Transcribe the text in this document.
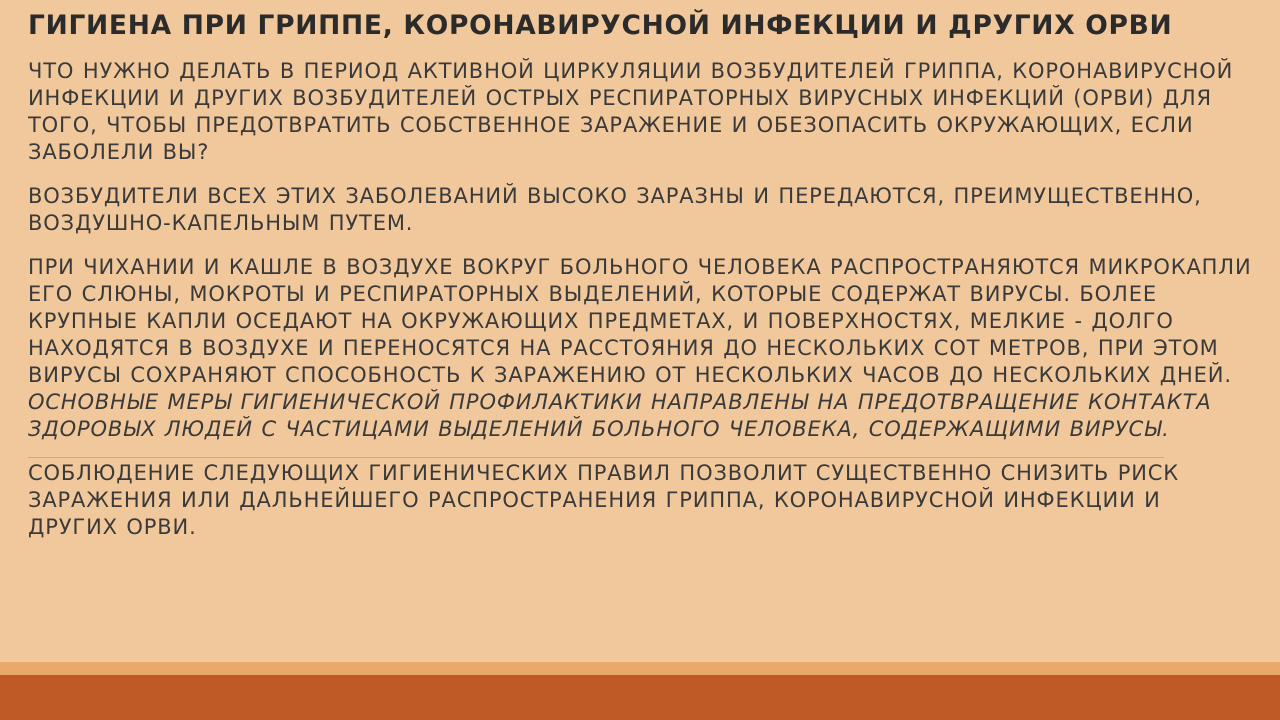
ГИГИЕНА ПРИ ГРИППЕ, КОРОНАВИРУСНОЙ ИНФЕКЦИИ И ДРУГИХ ОРВИ

ЧТО НУЖНО ДЕЛАТЬ В ПЕРИОД АКТИВНОЙ ЦИРКУЛЯЦИИ ВОЗБУДИТЕЛЕЙ ГРИППА, КОРОНАВИРУСНОЙ ИНФЕКЦИИ И ДРУГИХ ВОЗБУДИТЕЛЕЙ ОСТРЫХ РЕСПИРАТОРНЫХ ВИРУСНЫХ ИНФЕКЦИЙ (ОРВИ) ДЛЯ ТОГО, ЧТОБЫ ПРЕДОТВРАТИТЬ СОБСТВЕННОЕ ЗАРАЖЕНИЕ И ОБЕЗОПАСИТЬ ОКРУЖАЮЩИХ, ЕСЛИ ЗАБОЛЕЛИ ВЫ?

ВОЗБУДИТЕЛИ ВСЕХ ЭТИХ ЗАБОЛЕВАНИЙ ВЫСОКО ЗАРАЗНЫ И ПЕРЕДАЮТСЯ, ПРЕИМУЩЕСТВЕННО, ВОЗДУШНО-КАПЕЛЬНЫМ ПУТЕМ.

ПРИ ЧИХАНИИ И КАШЛЕ В ВОЗДУХЕ ВОКРУГ БОЛЬНОГО ЧЕЛОВЕКА РАСПРОСТРАНЯЮТСЯ МИКРОКАПЛИ ЕГО СЛЮНЫ, МОКРОТЫ И РЕСПИРАТОРНЫХ ВЫДЕЛЕНИЙ, КОТОРЫЕ СОДЕРЖАТ ВИРУСЫ. БОЛЕЕ КРУПНЫЕ КАПЛИ ОСЕДАЮТ НА ОКРУЖАЮЩИХ ПРЕДМЕТАХ, И ПОВЕРХНОСТЯХ, МЕЛКИЕ - ДОЛГО НАХОДЯТСЯ В ВОЗДУХЕ И ПЕРЕНОСЯТСЯ НА РАССТОЯНИЯ ДО НЕСКОЛЬКИХ СОТ МЕТРОВ, ПРИ ЭТОМ ВИРУСЫ СОХРАНЯЮТ СПОСОБНОСТЬ К ЗАРАЖЕНИЮ ОТ НЕСКОЛЬКИХ ЧАСОВ ДО НЕСКОЛЬКИХ ДНЕЙ. ОСНОВНЫЕ МЕРЫ ГИГИЕНИЧЕСКОЙ ПРОФИЛАКТИКИ НАПРАВЛЕНЫ НА ПРЕДОТВРАЩЕНИЕ КОНТАКТА ЗДОРОВЫХ ЛЮДЕЙ С ЧАСТИЦАМИ ВЫДЕЛЕНИЙ БОЛЬНОГО ЧЕЛОВЕКА, СОДЕРЖАЩИМИ ВИРУСЫ.

СОБЛЮДЕНИЕ СЛЕДУЮЩИХ ГИГИЕНИЧЕСКИХ ПРАВИЛ ПОЗВОЛИТ СУЩЕСТВЕННО СНИЗИТЬ РИСК ЗАРАЖЕНИЯ ИЛИ ДАЛЬНЕЙШЕГО РАСПРОСТРАНЕНИЯ ГРИППА, КОРОНАВИРУСНОЙ ИНФЕКЦИИ И ДРУГИХ ОРВИ.
